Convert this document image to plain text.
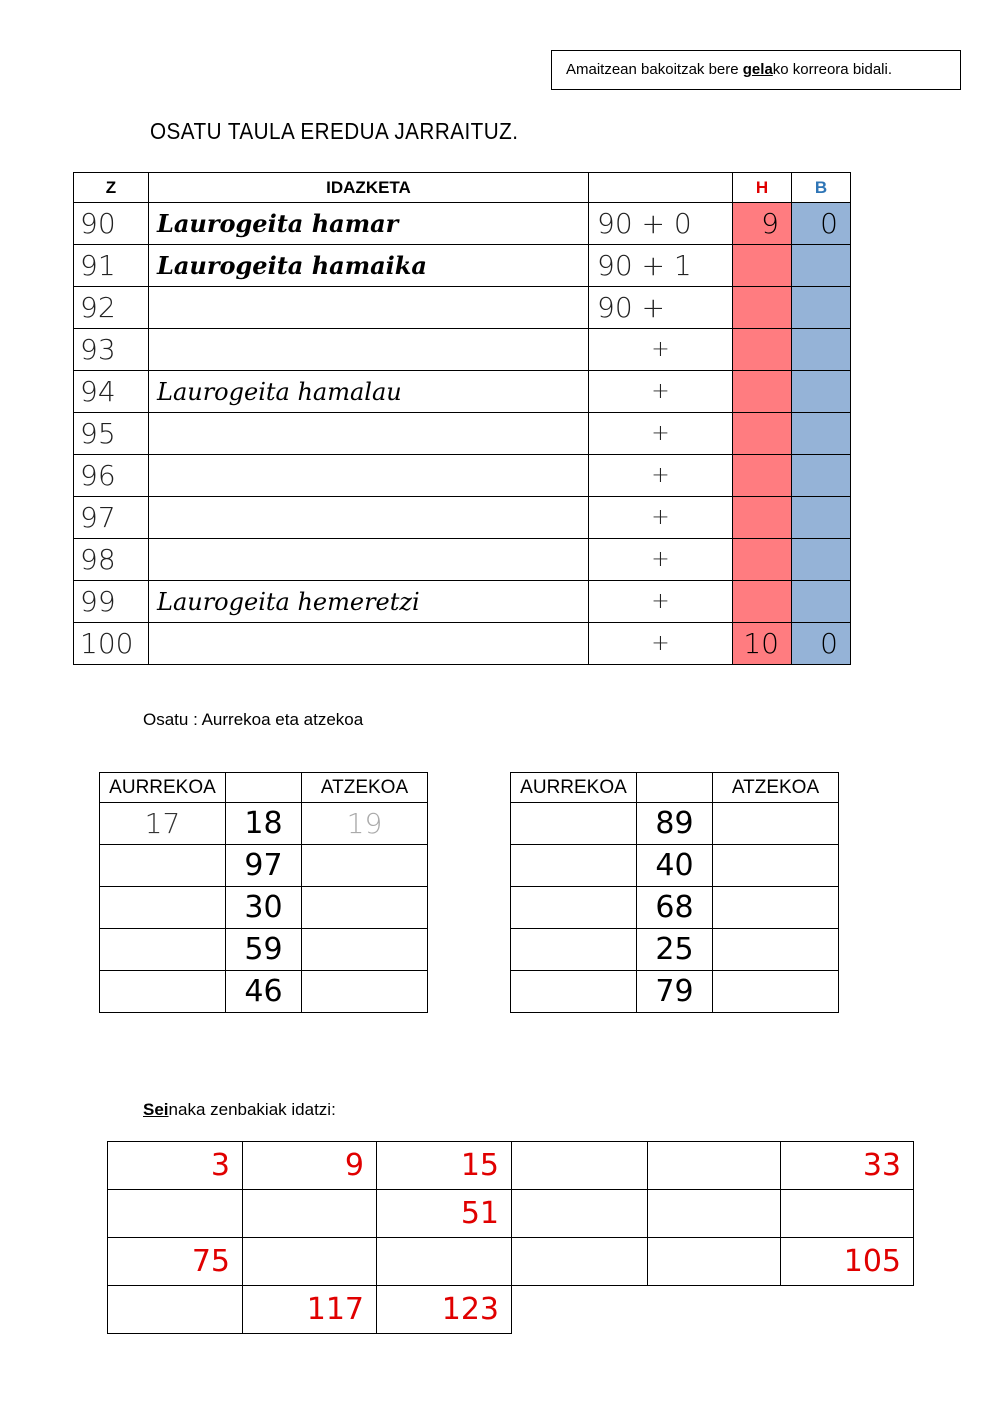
Amaitzean bakoitzak bere gelako korreora bidali.
OSATU TAULA EREDUA JARRAITUZ.
Z	IDAZKETA		H	B
90	Laurogeita hamar	90 + 0	9	0
91	Laurogeita hamaika	90 + 1		
92		90 +		
93		+		
94	Laurogeita hamalau	+		
95		+		
96		+		
97		+		
98		+		
99	Laurogeita hemeretzi	+		
100		+	10	0
Osatu : Aurrekoa eta atzekoa
AURREKOA		ATZEKOA
17	18	19
	97	
	30	
	59	
	46	
AURREKOA		ATZEKOA
	89	
	40	
	68	
	25	
	79	
Seinaka zenbakiak idatzi:
3	9	15			33
		51			
75					105
	117	123			
